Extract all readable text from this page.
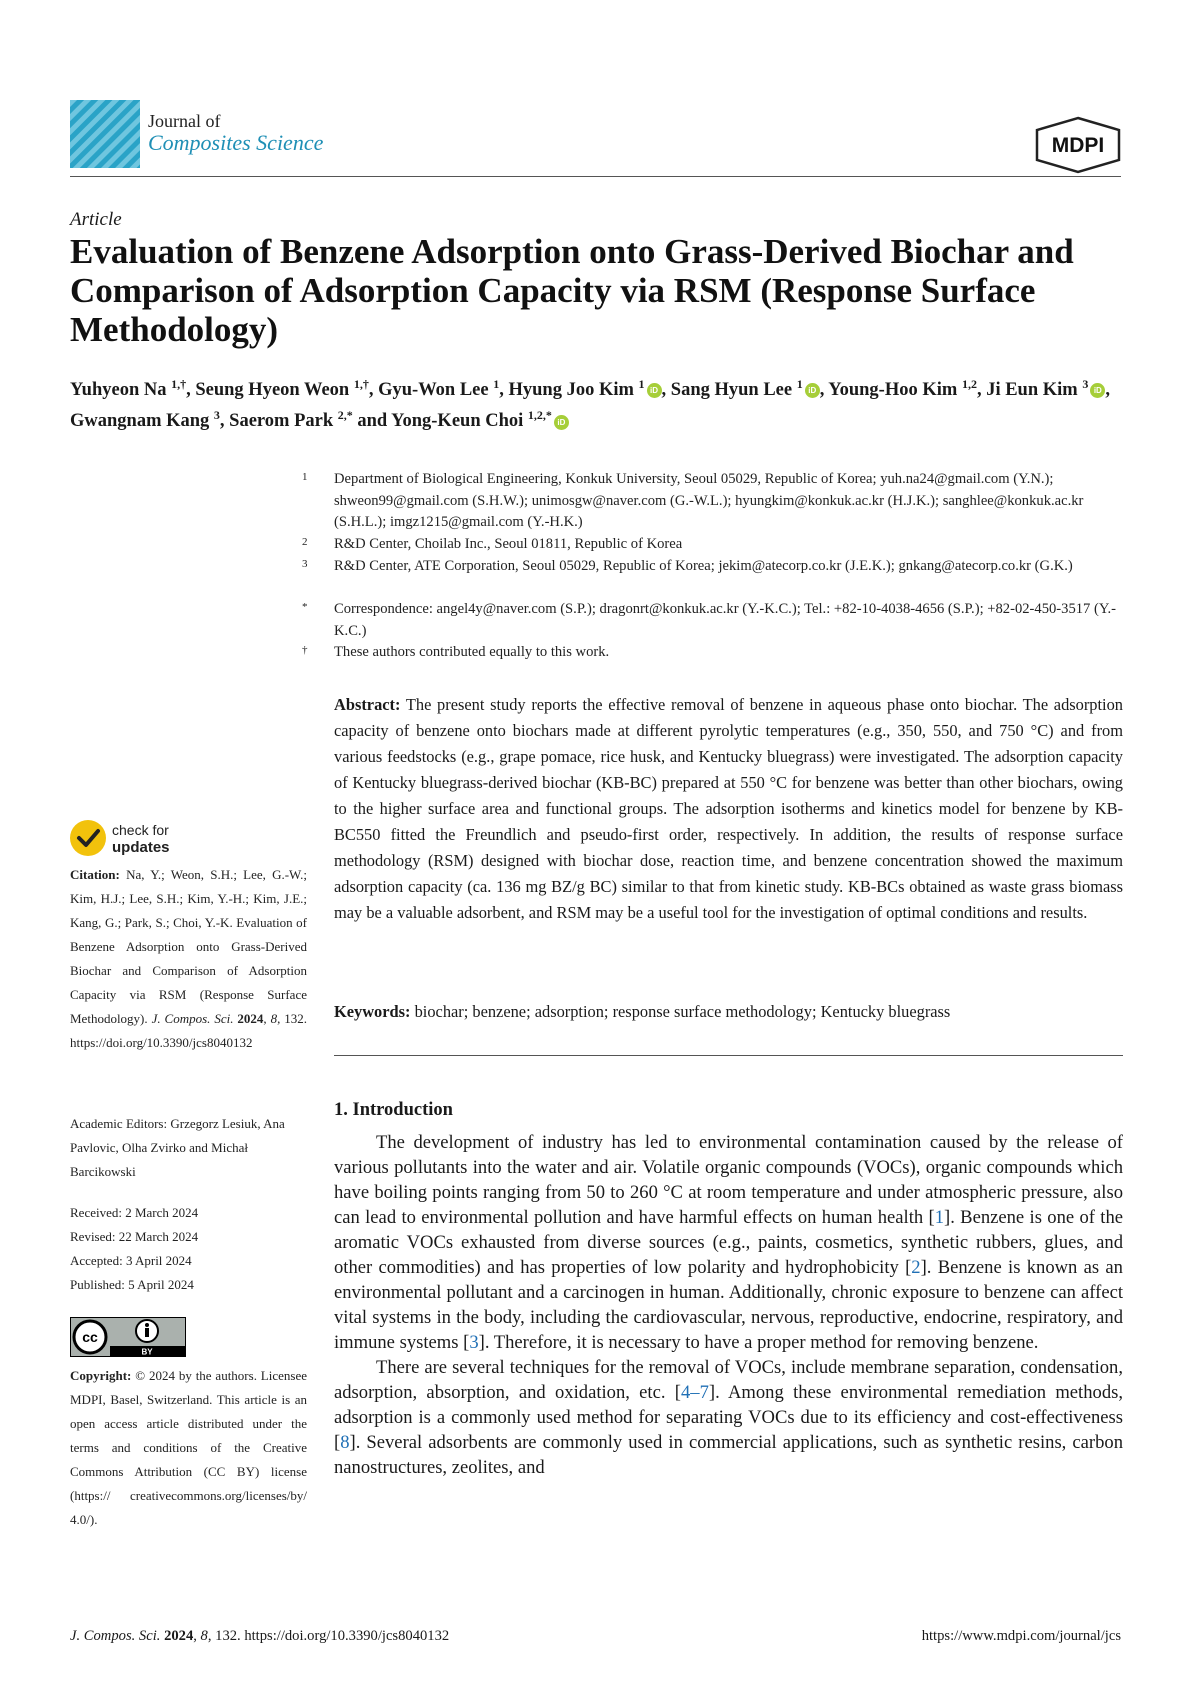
Journal of
Composites Science	MDPI
Article
Evaluation of Benzene Adsorption onto Grass-Derived Biochar and Comparison of Adsorption Capacity via RSM (Response Surface Methodology)
Yuhyeon Na $^{1,\dagger}$, Seung Hyeon Weon $^{1,\dagger}$, Gyu-Won Lee $^1$, Hyung Joo Kim $^1$ iD , Sang Hyun Lee $^1$ iD , Young-Hoo Kim $^{1,2}$, Ji Eun Kim $^3$ iD , Gwangnam Kang $^3$, Saerom Park $^{2,*}$ and Yong-Keun Choi $^{1,2,*}$ iD
1 Department of Biological Engineering, Konkuk University, Seoul 05029, Republic of Korea; yuh.na24@gmail.com (Y.N.); shweon99@gmail.com (S.H.W.); unimosgw@naver.com (G.-W.L.); hyungkim@konkuk.ac.kr (H.J.K.); sanghlee@konkuk.ac.kr (S.H.L.); imgz1215@gmail.com (Y.-H.K.)
2 R&D Center, Choilab Inc., Seoul 01811, Republic of Korea
3 R&D Center, ATE Corporation, Seoul 05029, Republic of Korea; jekim@atecorp.co.kr (J.E.K.); gnkang@atecorp.co.kr (G.K.)
* Correspondence: angel4y@naver.com (S.P.); dragonrt@konkuk.ac.kr (Y.-K.C.); Tel.: +82-10-4038-4656 (S.P.); +82-02-450-3517 (Y.-K.C.)
† These authors contributed equally to this work.
Abstract: The present study reports the effective removal of benzene in aqueous phase onto biochar. The adsorption capacity of benzene onto biochars made at different pyrolytic temperatures (e.g., 350, 550, and 750 °C) and from various feedstocks (e.g., grape pomace, rice husk, and Kentucky bluegrass) were investigated. The adsorption capacity of Kentucky bluegrass-derived biochar (KB-BC) prepared at 550 °C for benzene was better than other biochars, owing to the higher surface area and functional groups. The adsorption isotherms and kinetics model for benzene by KB-BC550 fitted the Freundlich and pseudo-first order, respectively. In addition, the results of response surface methodology (RSM) designed with biochar dose, reaction time, and benzene concentration showed the maximum adsorption capacity (ca. 136 mg BZ/g BC) similar to that from kinetic study. KB-BCs obtained as waste grass biomass may be a valuable adsorbent, and RSM may be a useful tool for the investigation of optimal conditions and results.
Keywords: biochar; benzene; adsorption; response surface methodology; Kentucky bluegrass
1. Introduction

The development of industry has led to environmental contamination caused by the release of various pollutants into the water and air. Volatile organic compounds (VOCs), organic compounds which have boiling points ranging from 50 to 260 °C at room temperature and under atmospheric pressure, also can lead to environmental pollution and have harmful effects on human health [1]. Benzene is one of the aromatic VOCs exhausted from diverse sources (e.g., paints, cosmetics, synthetic rubbers, glues, and other commodities) and has properties of low polarity and hydrophobicity [2]. Benzene is known as an environmental pollutant and a carcinogen in human. Additionally, chronic exposure to benzene can affect vital systems in the body, including the cardiovascular, nervous, reproductive, endocrine, respiratory, and immune systems [3]. Therefore, it is necessary to have a proper method for removing benzene.

There are several techniques for the removal of VOCs, include membrane separation, condensation, adsorption, absorption, and oxidation, etc. [4–7]. Among these environmental remediation methods, adsorption is a commonly used method for separating VOCs due to its efficiency and cost-effectiveness [8]. Several adsorbents are commonly used in commercial applications, such as synthetic resins, carbon nanostructures, zeolites, and

check for
updates
Citation: Na, Y.; Weon, S.H.; Lee, G.-W.; Kim, H.J.; Lee, S.H.; Kim, Y.-H.; Kim, J.E.; Kang, G.; Park, S.; Choi, Y.-K. Evaluation of Benzene Adsorption onto Grass-Derived Biochar and Comparison of Adsorption Capacity via RSM (Response Surface Methodology). J. Compos. Sci. 2024, 8, 132. https://doi.org/10.3390/jcs8040132
Academic Editors: Grzegorz Lesiuk, Ana Pavlovic, Olha Zvirko and Michał Barcikowski
Received: 2 March 2024
Revised: 22 March 2024
Accepted: 3 April 2024
Published: 5 April 2024
cc
BY
Copyright: © 2024 by the authors. Licensee MDPI, Basel, Switzerland. This article is an open access article distributed under the terms and conditions of the Creative Commons Attribution (CC BY) license (https:// creativecommons.org/licenses/by/ 4.0/).
J. Compos. Sci. 2024, 8, 132. https://doi.org/10.3390/jcs8040132	https://www.mdpi.com/journal/jcs
